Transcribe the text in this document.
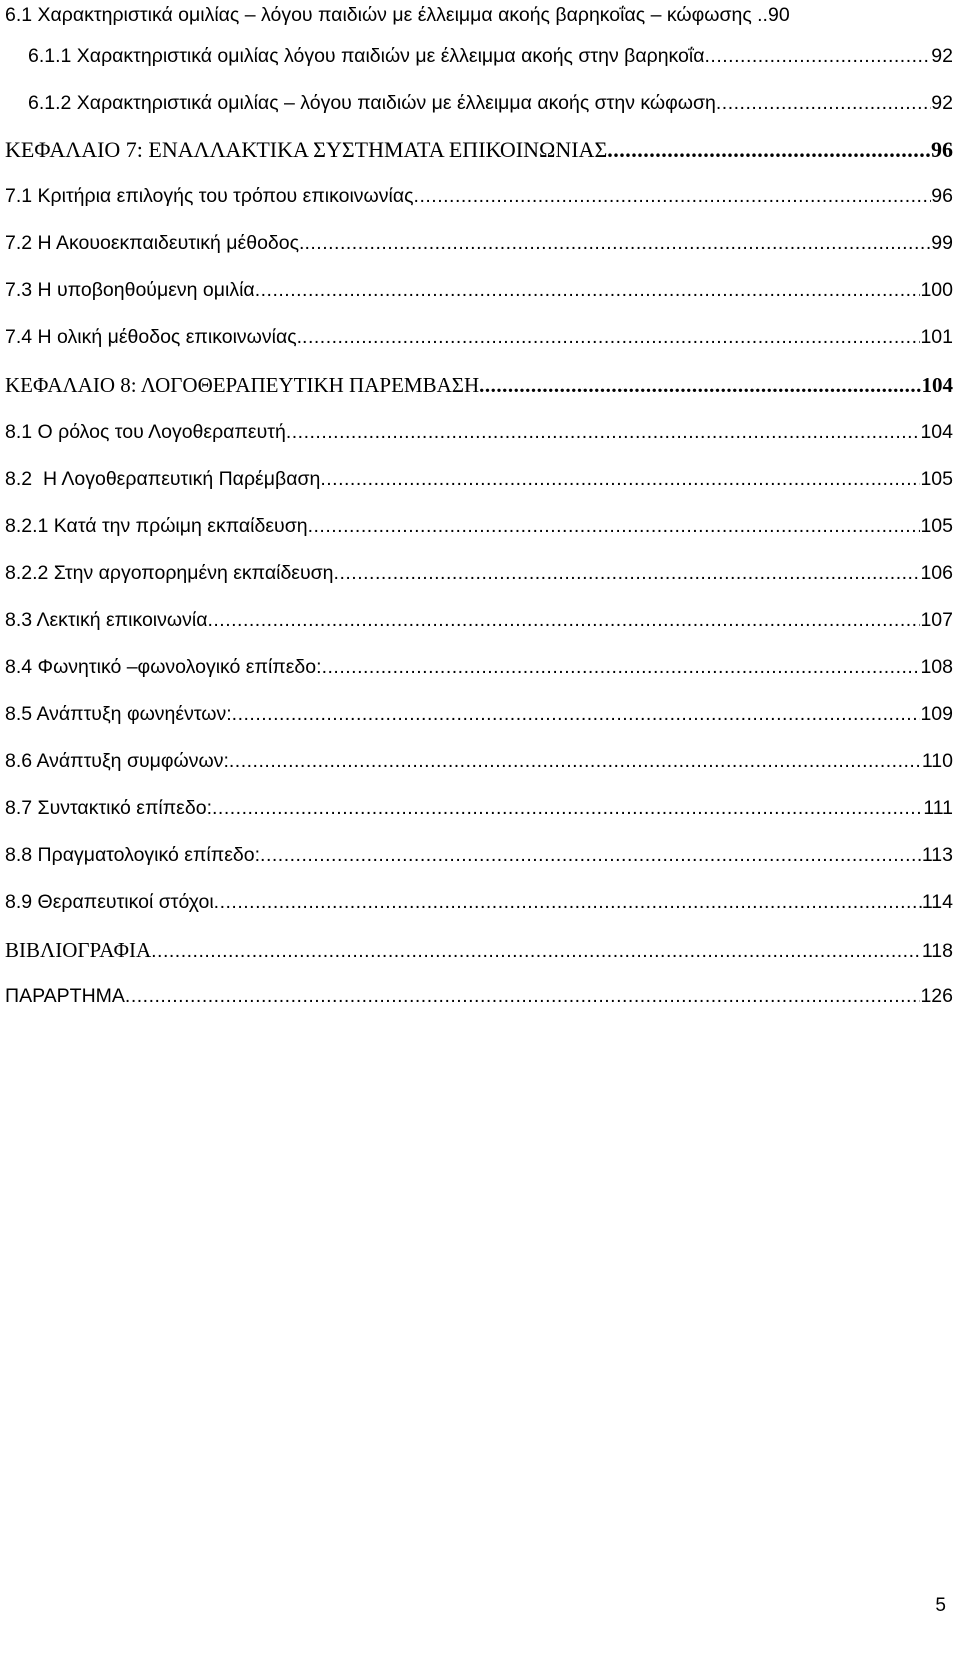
6.1 Χαρακτηριστικά ομιλίας – λόγου παιδιών με έλλειμμα ακοής βαρηκοΐας – κώφωσης .. 90
6.1.1 Χαρακτηριστικά ομιλίας λόγου παιδιών με έλλειμμα ακοής στην βαρηκοΐα .....	92
6.1.2 Χαρακτηριστικά ομιλίας – λόγου παιδιών με έλλειμμα ακοής στην κώφωση .....	92
ΚΕΦΑΛΑΙΟ 7: ΕΝΑΛΛΑΚΤΙΚΑ ΣΥΣΤΗΜΑΤΑ ΕΠΙΚΟΙΝΩΝΙΑΣ .....	96
7.1 Κριτήρια επιλογής του τρόπου επικοινωνίας .....	96
7.2 Η Ακουοεκπαιδευτική μέθοδος. .....	99
7.3 Η υποβοηθούμενη ομιλία .....	100
7.4 Η ολική μέθοδος επικοινωνίας. .....	101
ΚΕΦΑΛΑΙΟ 8: ΛΟΓΟΘΕΡΑΠΕΥΤΙΚΗ ΠΑΡΕΜΒΑΣΗ .....	104
8.1 Ο ρόλος του Λογοθεραπευτή .....	104
8.2  Η Λογοθεραπευτική Παρέμβαση .....	105
8.2.1 Κατά την πρώιμη εκπαίδευση .....	105
8.2.2 Στην αργοπορημένη εκπαίδευση .....	106
8.3 Λεκτική επικοινωνία .....	107
8.4 Φωνητικό –φωνολογικό επίπεδο: .....	108
8.5 Ανάπτυξη φωνηέντων: .....	109
8.6 Ανάπτυξη συμφώνων: .....	110
8.7 Συντακτικό επίπεδο: .....	111
8.8 Πραγματολογικό επίπεδο: .....	113
8.9 Θεραπευτικοί στόχοι .....	114
ΒΙΒΛΙΟΓΡΑΦΙΑ .....	118
ΠΑΡΑΡΤΗΜΑ .....	126
5
